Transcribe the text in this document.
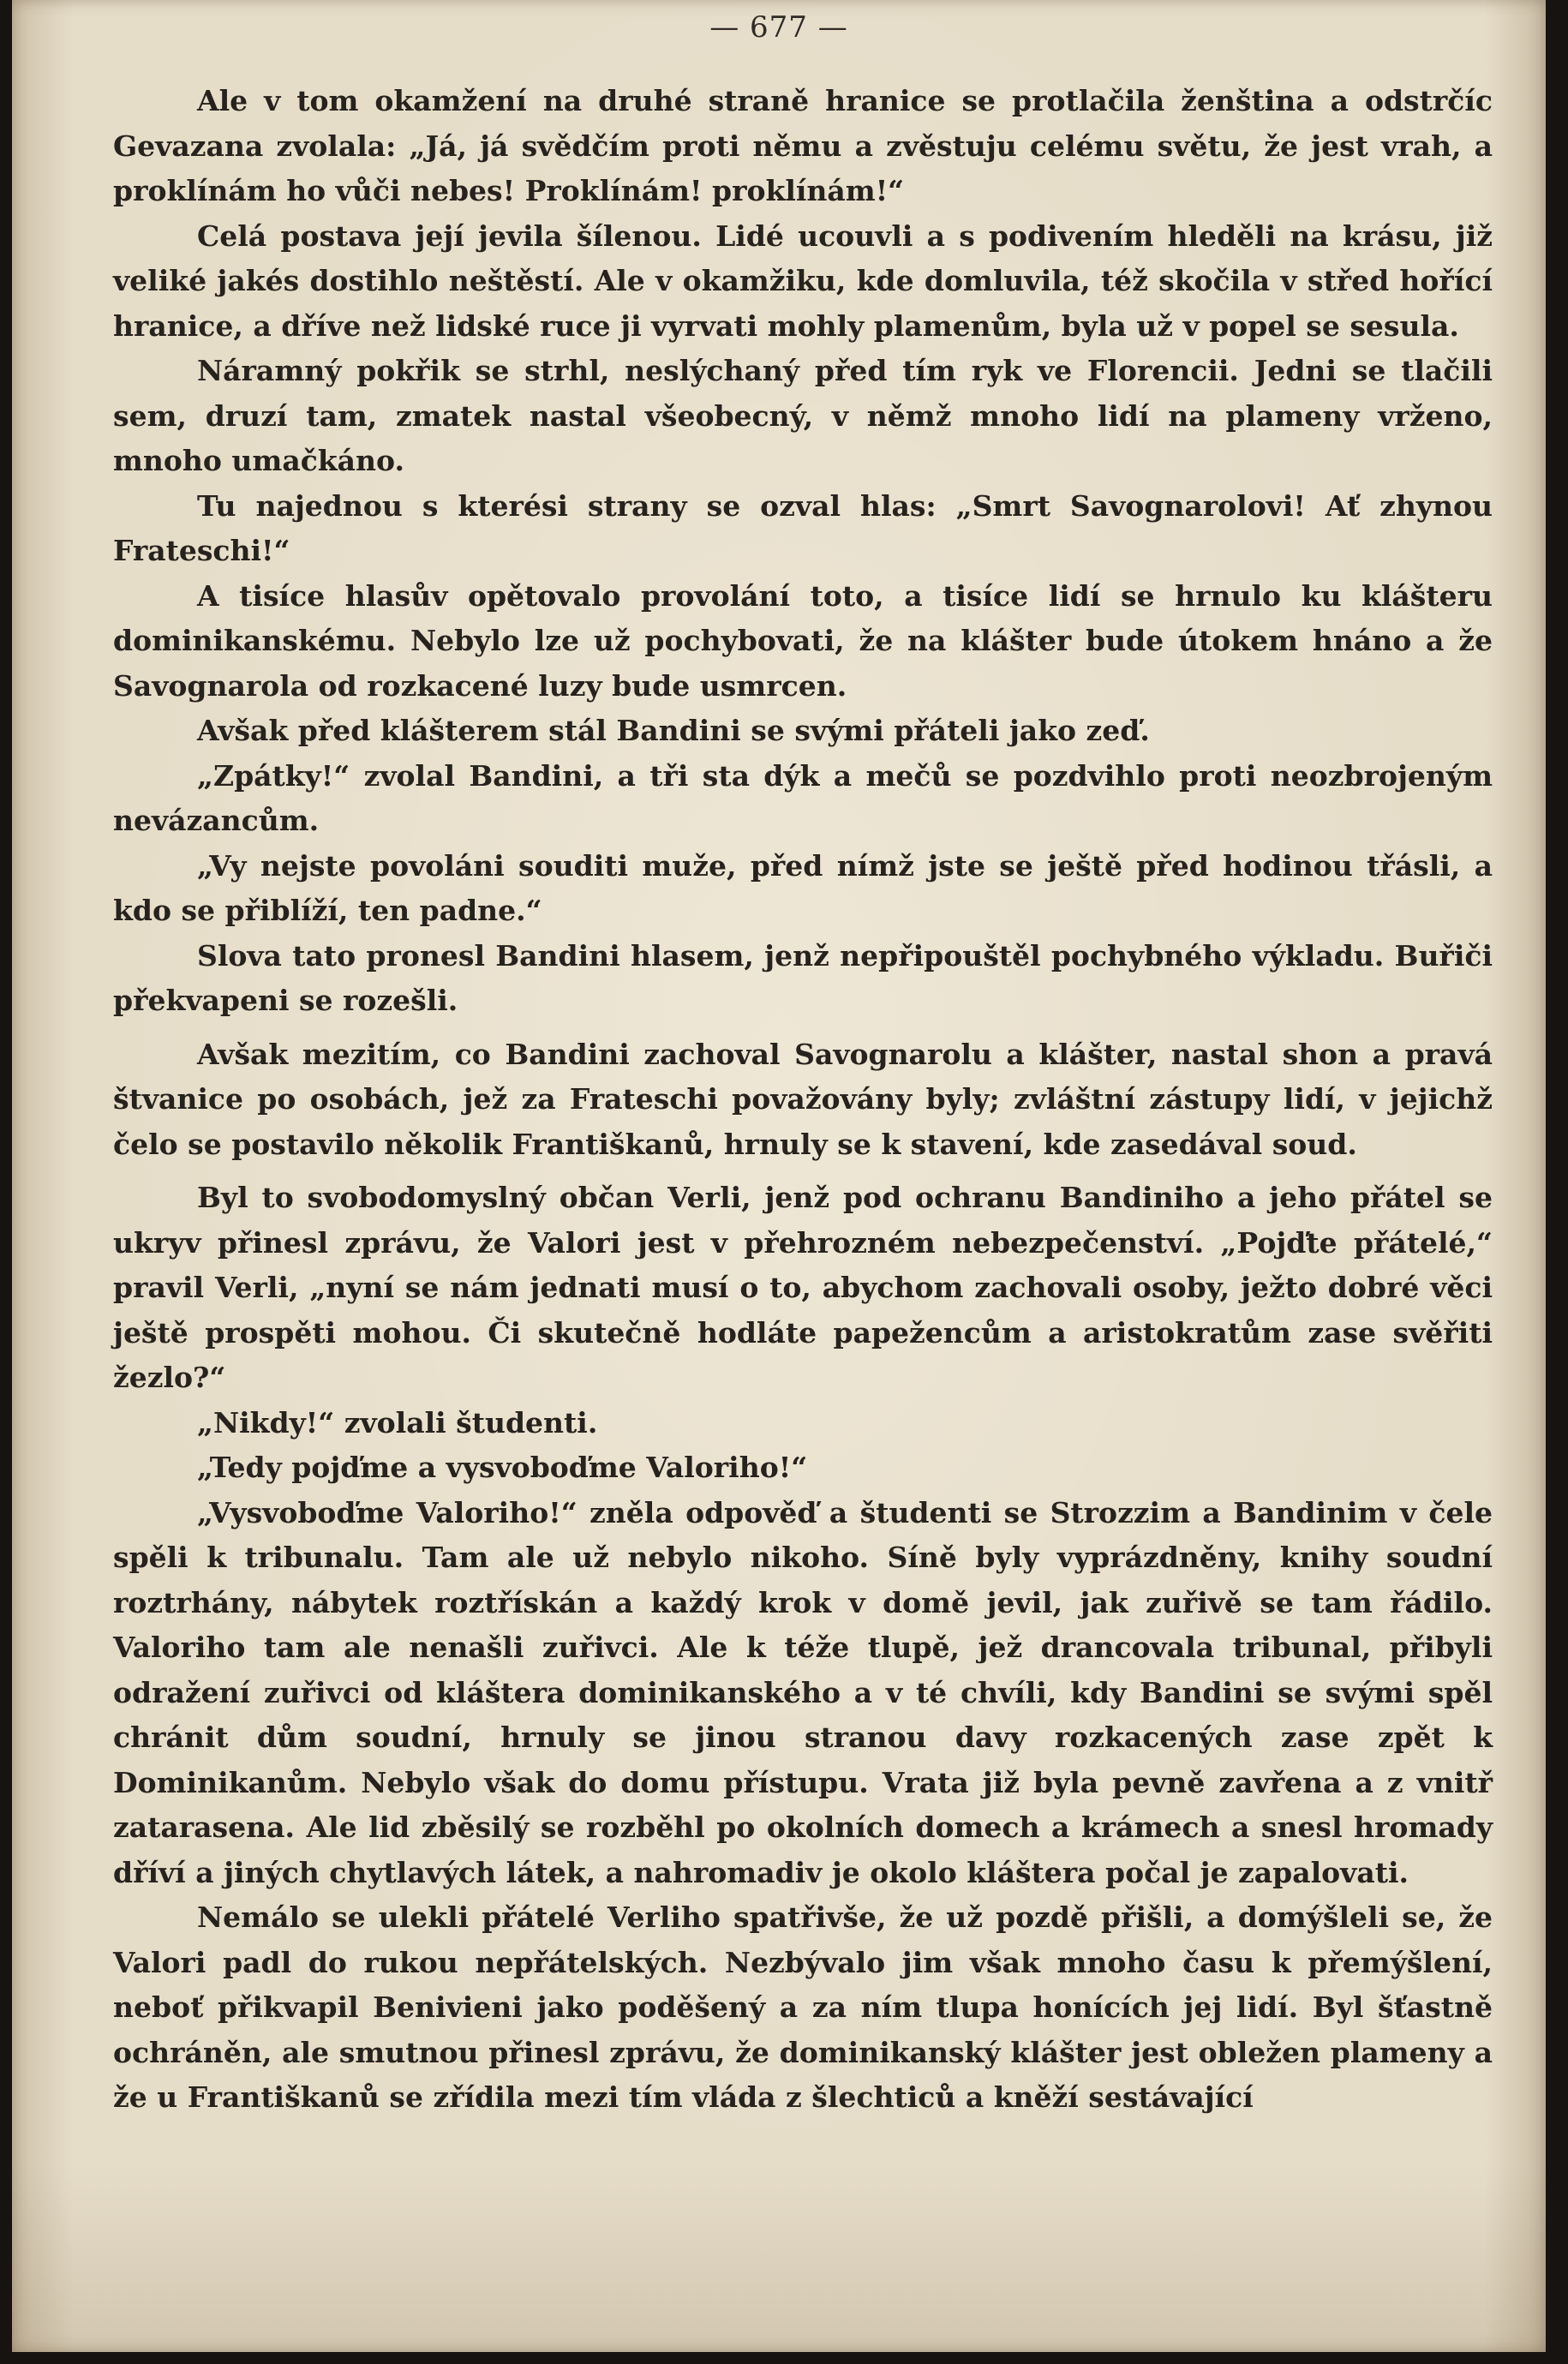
— 677 —

Ale v tom okamžení na druhé straně hranice se protlačila ženština a odstrčíc Gevazana zvolala: „Já, já svědčím proti němu a zvěstuju celému světu, že jest vrah, a proklínám ho vůči nebes! Proklínám! proklínám!“

Celá postava její jevila šílenou. Lidé ucouvli a s podivením hleděli na krásu, již veliké jakés dostihlo neštěstí. Ale v okamžiku, kde domluvila, též skočila v střed hořící hranice, a dříve než lidské ruce ji vyrvati mohly plamenům, byla už v popel se sesula.

Náramný pokřik se strhl, neslýchaný před tím ryk ve Florencii. Jedni se tlačili sem, druzí tam, zmatek nastal všeobecný, v němž mnoho lidí na plameny vrženo, mnoho umačkáno.

Tu najednou s kterési strany se ozval hlas: „Smrt Savognarolovi! Ať zhynou Frateschi!“

A tisíce hlasův opětovalo provolání toto, a tisíce lidí se hrnulo ku klášteru dominikanskému. Nebylo lze už pochybovati, že na klášter bude útokem hnáno a že Savognarola od rozkacené luzy bude usmrcen.

Avšak před klášterem stál Bandini se svými přáteli jako zeď.

„Zpátky!“ zvolal Bandini, a tři sta dýk a mečů se pozdvihlo proti neozbrojeným nevázancům.

„Vy nejste povoláni souditi muže, před nímž jste se ještě před hodinou třásli, a kdo se přiblíží, ten padne.“

Slova tato pronesl Bandini hlasem, jenž nepřipouštěl pochybného výkladu. Buřiči překvapeni se rozešli.

Avšak mezitím, co Bandini zachoval Savognarolu a klášter, nastal shon a pravá štvanice po osobách, jež za Frateschi považovány byly; zvláštní zástupy lidí, v jejichž čelo se postavilo několik Františkanů, hrnuly se k stavení, kde zasedával soud.

Byl to svobodomyslný občan Verli, jenž pod ochranu Bandiniho a jeho přátel se ukryv přinesl zprávu, že Valori jest v přehrozném nebezpečenství. „Pojďte přátelé,“ pravil Verli, „nyní se nám jednati musí o to, abychom zachovali osoby, ježto dobré věci ještě prospěti mohou. Či skutečně hodláte papežencům a aristokratům zase svěřiti žezlo?“

„Nikdy!“ zvolali študenti.

„Tedy pojďme a vysvoboďme Valoriho!“

„Vysvoboďme Valoriho!“ zněla odpověď a študenti se Strozzim a Bandinim v čele spěli k tribunalu. Tam ale už nebylo nikoho. Síně byly vyprázdněny, knihy soudní roztrhány, nábytek roztřískán a každý krok v domě jevil, jak zuřivě se tam řádilo. Valoriho tam ale nenašli zuřivci. Ale k téže tlupě, jež drancovala tribunal, přibyli odražení zuřivci od kláštera dominikanského a v té chvíli, kdy Bandini se svými spěl chránit dům soudní, hrnuly se jinou stranou davy rozkacených zase zpět k Dominikanům. Nebylo však do domu přístupu. Vrata již byla pevně zavřena a z vnitř zatarasena. Ale lid zběsilý se rozběhl po okolních domech a krámech a snesl hromady dříví a jiných chytlavých látek, a nahromadiv je okolo kláštera počal je zapalovati.

Nemálo se ulekli přátelé Verliho spatřivše, že už pozdě přišli, a domýšleli se, že Valori padl do rukou nepřátelských. Nezbývalo jim však mnoho času k přemýšlení, neboť přikvapil Benivieni jako poděšený a za ním tlupa honících jej lidí. Byl šťastně ochráněn, ale smutnou přinesl zprávu, že dominikanský klášter jest obležen plameny a že u Františkanů se zřídila mezi tím vláda z šlechticů a kněží sestávající
